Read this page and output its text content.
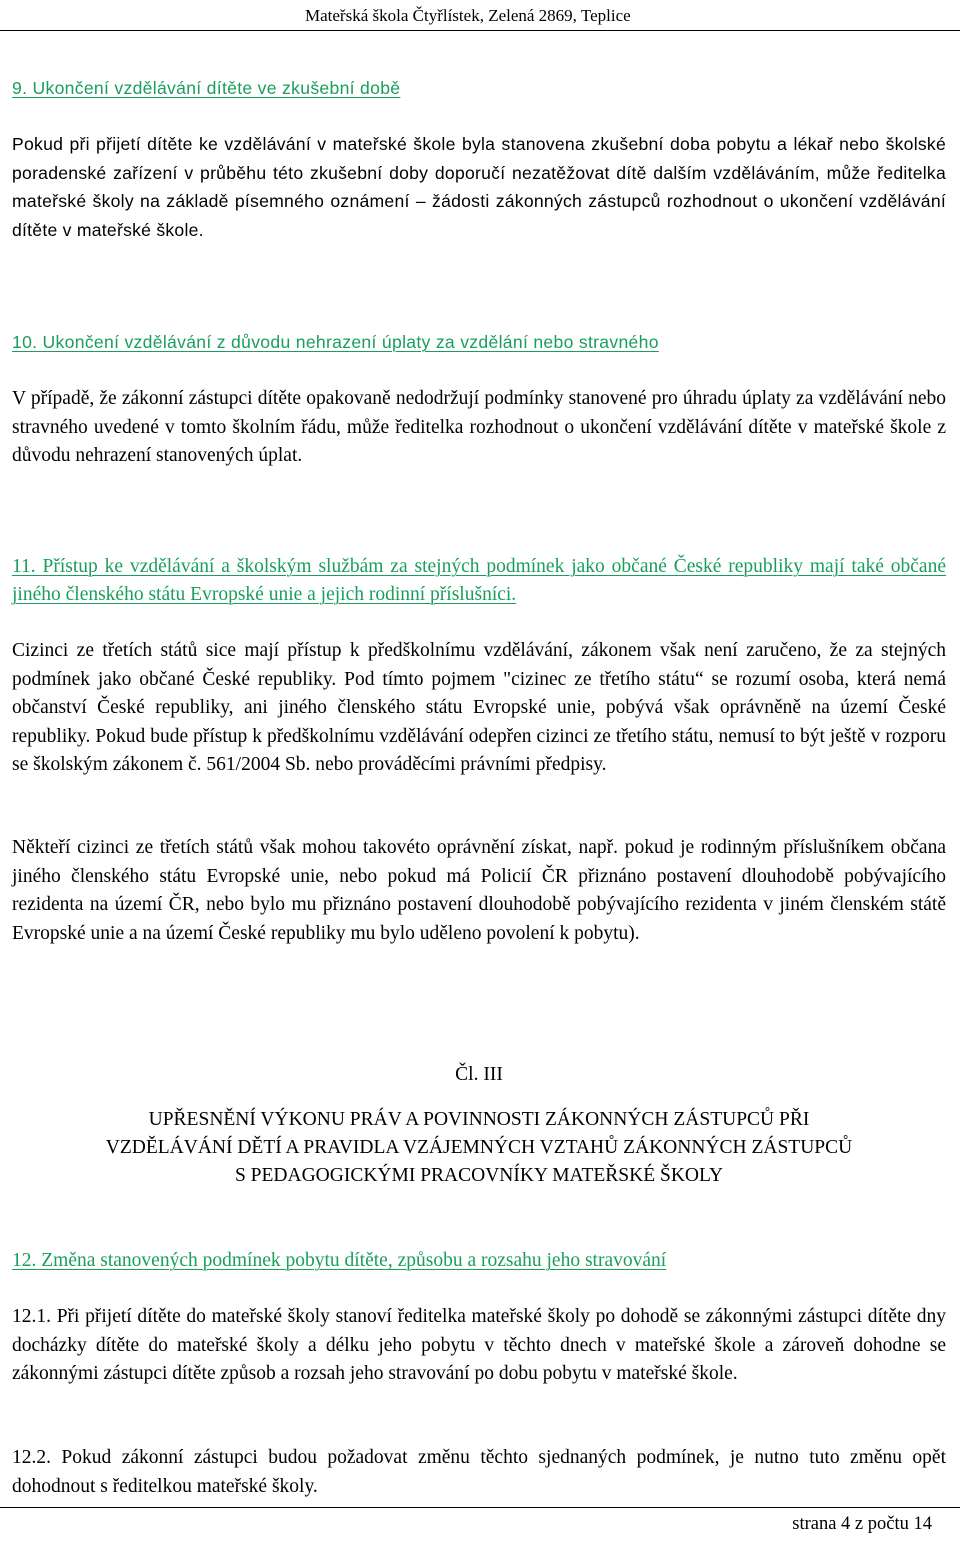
Mateřská škola Čtyřlístek, Zelená 2869, Teplice
9. Ukončení vzdělávání dítěte ve zkušební době
Pokud při přijetí dítěte ke vzdělávání v mateřské škole byla stanovena zkušební doba pobytu a lékař nebo školské poradenské zařízení v průběhu této zkušební doby doporučí nezatěžovat dítě dalším vzděláváním, může ředitelka mateřské školy na základě písemného oznámení – žádosti zákonných zástupců rozhodnout o ukončení vzdělávání dítěte v mateřské škole.
10. Ukončení vzdělávání z důvodu nehrazení úplaty za vzdělání nebo stravného
V případě, že zákonní zástupci dítěte opakovaně nedodržují podmínky stanovené pro úhradu úplaty za vzdělávání nebo stravného uvedené v tomto školním řádu, může ředitelka rozhodnout o ukončení vzdělávání dítěte v mateřské škole z důvodu nehrazení stanovených úplat.
11. Přístup ke vzdělávání a školským službám za stejných podmínek jako občané České republiky mají také občané jiného členského státu Evropské unie a jejich rodinní příslušníci.
Cizinci ze třetích států sice mají přístup k předškolnímu vzdělávání, zákonem však není zaručeno, že za stejných podmínek jako občané České republiky. Pod tímto pojmem "cizinec ze třetího státu“ se rozumí osoba, která nemá občanství České republiky, ani jiného členského státu Evropské unie, pobývá však oprávněně na území České republiky. Pokud bude přístup k předškolnímu vzdělávání odepřen cizinci ze třetího státu, nemusí to být ještě v rozporu se školským zákonem č. 561/2004 Sb. nebo prováděcími právními předpisy.
Někteří cizinci ze třetích států však mohou takovéto oprávnění získat, např. pokud je rodinným příslušníkem občana jiného členského státu Evropské unie, nebo pokud má Policií ČR přiznáno postavení dlouhodobě pobývajícího rezidenta na území ČR, nebo bylo mu přiznáno postavení dlouhodobě pobývajícího rezidenta v jiném členském státě Evropské unie a na území České republiky mu bylo uděleno povolení k pobytu).
Čl. III
UPŘESNĚNÍ VÝKONU PRÁV A POVINNOSTI ZÁKONNÝCH ZÁSTUPCŮ PŘI
VZDĚLÁVÁNÍ DĚTÍ A PRAVIDLA VZÁJEMNÝCH VZTAHŮ ZÁKONNÝCH ZÁSTUPCŮ
S PEDAGOGICKÝMI PRACOVNÍKY MATEŘSKÉ ŠKOLY
12. Změna stanovených podmínek pobytu dítěte, způsobu a rozsahu jeho stravování
12.1. Při přijetí dítěte do mateřské školy stanoví ředitelka mateřské školy po dohodě se zákonnými zástupci dítěte dny docházky dítěte do mateřské školy a délku jeho pobytu v těchto dnech v mateřské škole a zároveň dohodne se zákonnými zástupci dítěte způsob a rozsah jeho stravování po dobu pobytu v mateřské škole.
12.2. Pokud zákonní zástupci budou požadovat změnu těchto sjednaných podmínek, je nutno tuto změnu opět dohodnout s ředitelkou mateřské školy.
strana 4 z počtu 14
